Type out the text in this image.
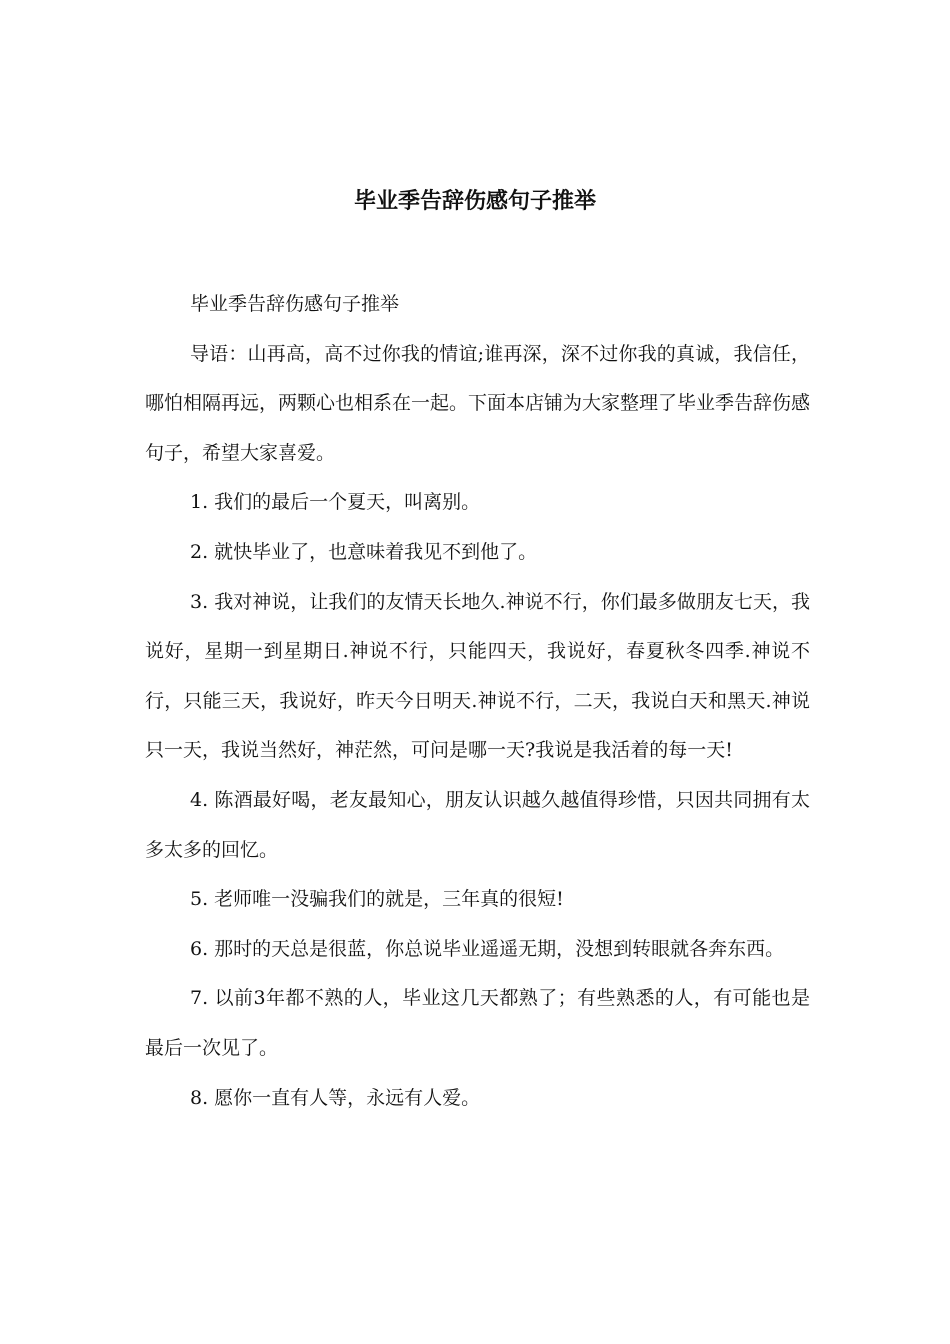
毕业季告辞伤感句子推举

毕业季告辞伤感句子推举

导语：山再高，高不过你我的情谊;谁再深，深不过你我的真诚，我信任，哪怕相隔再远，两颗心也相系在一起。下面本店铺为大家整理了毕业季告辞伤感句子，希望大家喜爱。

1. 我们的最后一个夏天，叫离别。

2. 就快毕业了，也意味着我见不到他了。

3. 我对神说，让我们的友情天长地久.神说不行，你们最多做朋友七天，我说好，星期一到星期日.神说不行，只能四天，我说好，春夏秋冬四季.神说不行，只能三天，我说好，昨天今日明天.神说不行，二天，我说白天和黑天.神说只一天，我说当然好，神茫然，可问是哪一天?我说是我活着的每一天!

4. 陈酒最好喝，老友最知心，朋友认识越久越值得珍惜，只因共同拥有太多太多的回忆。

5. 老师唯一没骗我们的就是，三年真的很短!

6. 那时的天总是很蓝，你总说毕业遥遥无期，没想到转眼就各奔东西。

7. 以前3年都不熟的人，毕业这几天都熟了；有些熟悉的人，有可能也是最后一次见了。

8. 愿你一直有人等，永远有人爱。
